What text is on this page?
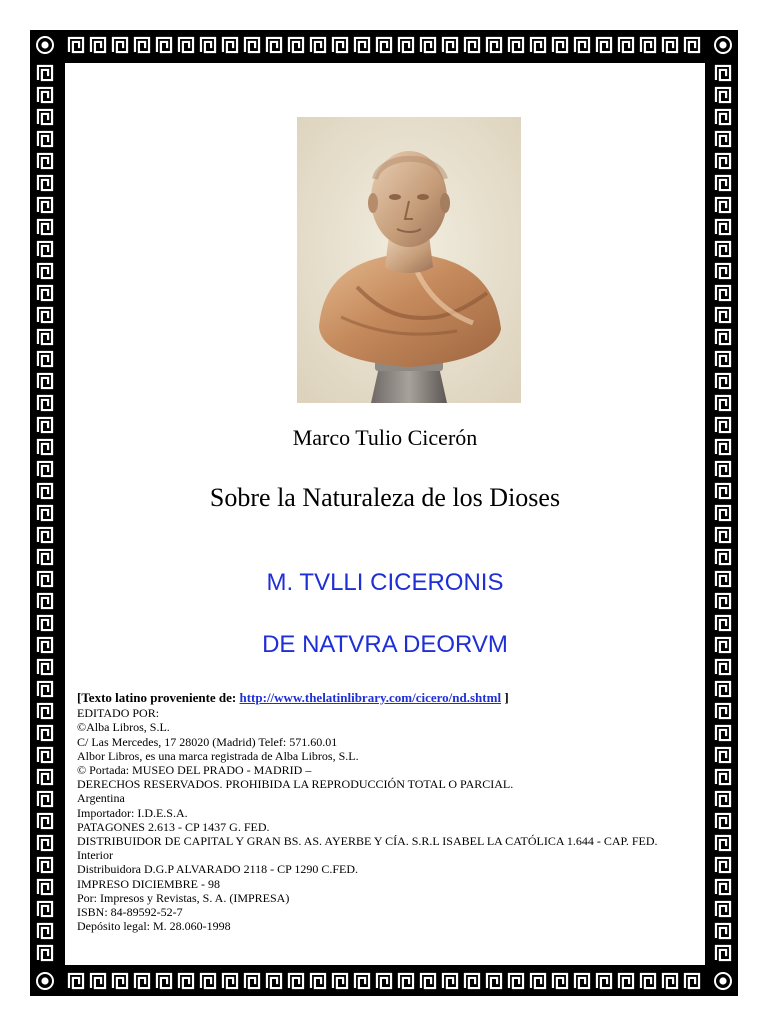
Marco Tulio Cicerón
Sobre la Naturaleza de los Dioses
M. TVLLI CICERONIS
DE NATVRA DEORVM
[Texto latino proveniente de: http://www.thelatinlibrary.com/cicero/nd.shtml ]
EDITADO POR:
©Alba Libros, S.L.
C/ Las Mercedes, 17 28020 (Madrid) Telef: 571.60.01
Albor Libros, es una marca registrada de Alba Libros, S.L.
© Portada: MUSEO DEL PRADO - MADRID –
DERECHOS RESERVADOS. PROHIBIDA LA REPRODUCCIÓN TOTAL O PARCIAL.
Argentina
Importador: I.D.E.S.A.
PATAGONES 2.613 - CP 1437 G. FED.
DISTRIBUIDOR DE CAPITAL Y GRAN BS. AS. AYERBE Y CÍA. S.R.L ISABEL LA CATÓLICA 1.644 - CAP. FED.
Interior
Distribuidora D.G.P ALVARADO 2118 - CP 1290 C.FED.
IMPRESO DICIEMBRE - 98
Por: Impresos y Revistas, S. A. (IMPRESA)
ISBN: 84-89592-52-7
Depósito legal: M. 28.060-1998
